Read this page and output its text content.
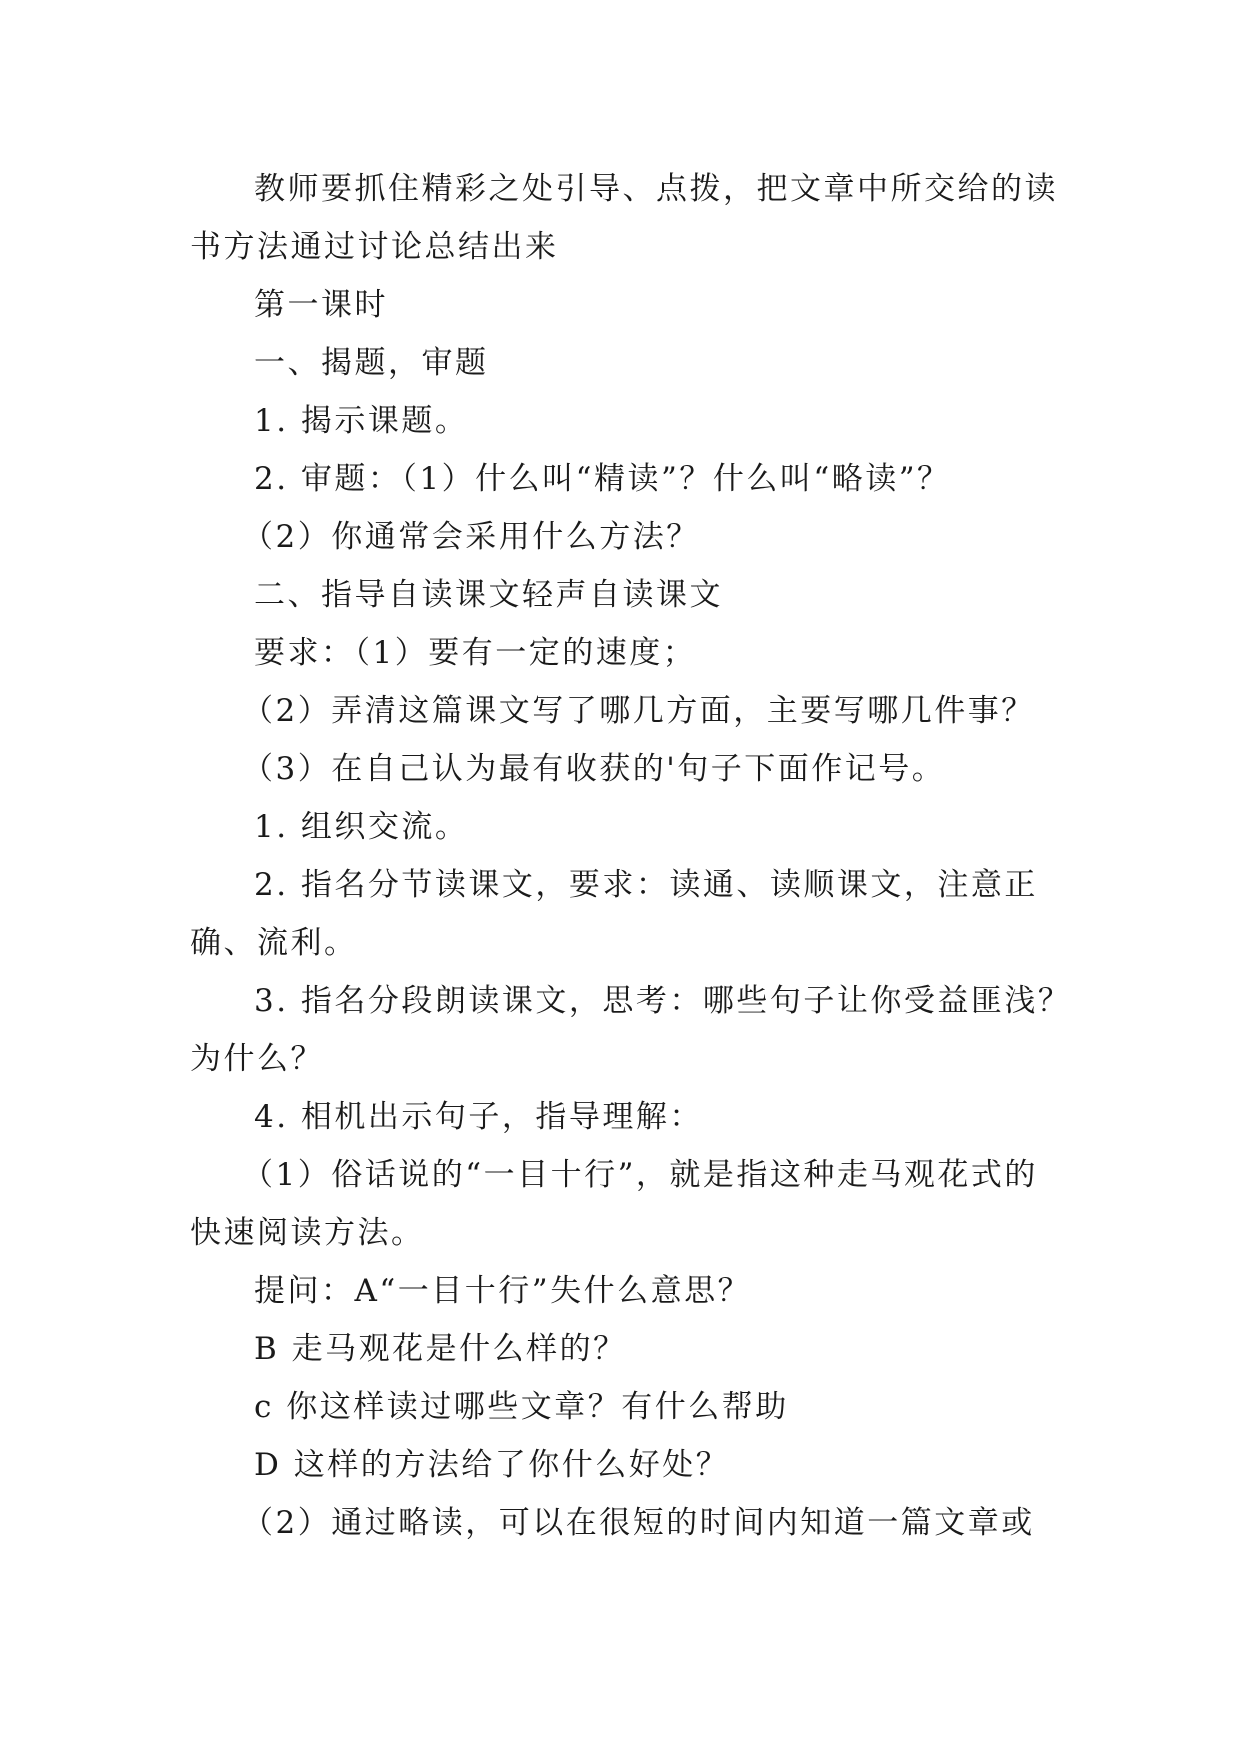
教师要抓住精彩之处引导、点拨，把文章中所交给的读
书方法通过讨论总结出来
第一课时
一、揭题，审题
1. 揭示课题。
2. 审题：（1）什么叫“精读”？什么叫“略读”？
（2）你通常会采用什么方法？
二、指导自读课文轻声自读课文
要求：（1）要有一定的速度；
（2）弄清这篇课文写了哪几方面，主要写哪几件事？
（3）在自己认为最有收获的'句子下面作记号。
1. 组织交流。
2. 指名分节读课文，要求：读通、读顺课文，注意正
确、流利。
3. 指名分段朗读课文，思考：哪些句子让你受益匪浅？
为什么？
4. 相机出示句子，指导理解：
（1）俗话说的“一目十行”，就是指这种走马观花式的
快速阅读方法。
提问：A“一目十行”失什么意思？
B 走马观花是什么样的？
c 你这样读过哪些文章？有什么帮助
D 这样的方法给了你什么好处？
（2）通过略读，可以在很短的时间内知道一篇文章或
